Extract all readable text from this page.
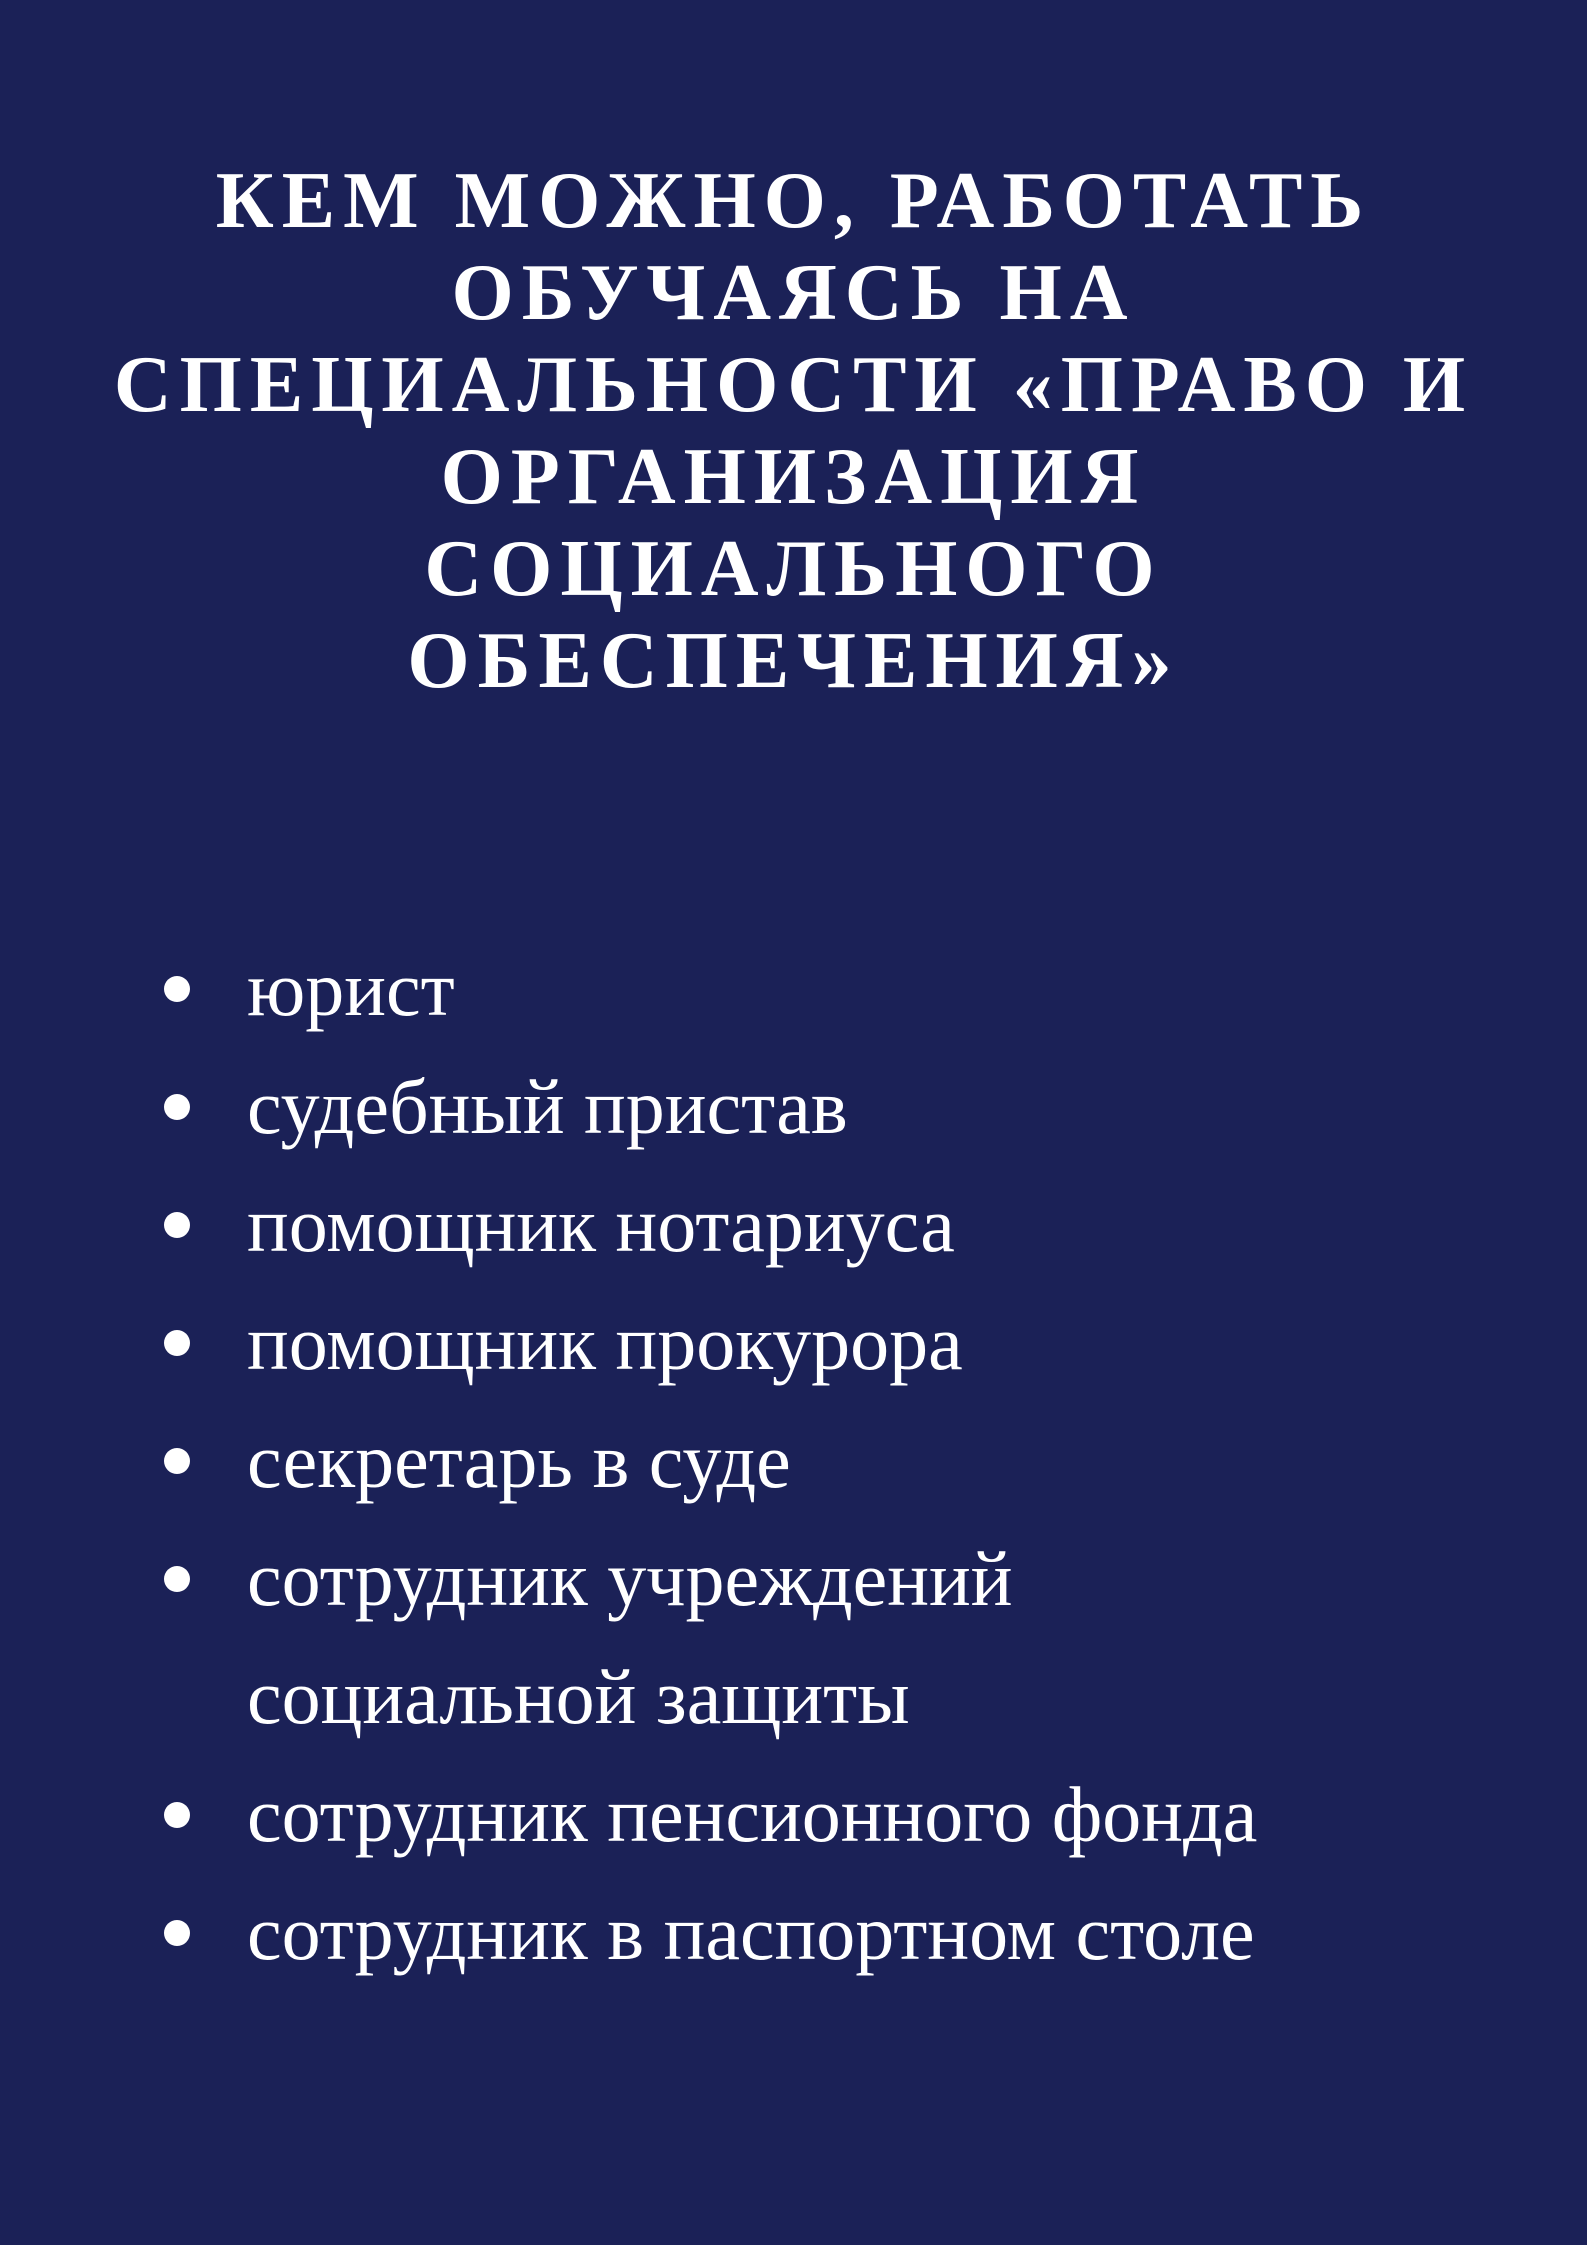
КЕМ МОЖНО, РАБОТАТЬ
ОБУЧАЯСЬ НА
СПЕЦИАЛЬНОСТИ «ПРАВО И
ОРГАНИЗАЦИЯ
СОЦИАЛЬНОГО
ОБЕСПЕЧЕНИЯ»
юрист
судебный пристав
помощник нотариуса
помощник прокурора
секретарь в суде
сотрудник учреждений
социальной защиты
сотрудник пенсионного фонда
сотрудник в паспортном столе
